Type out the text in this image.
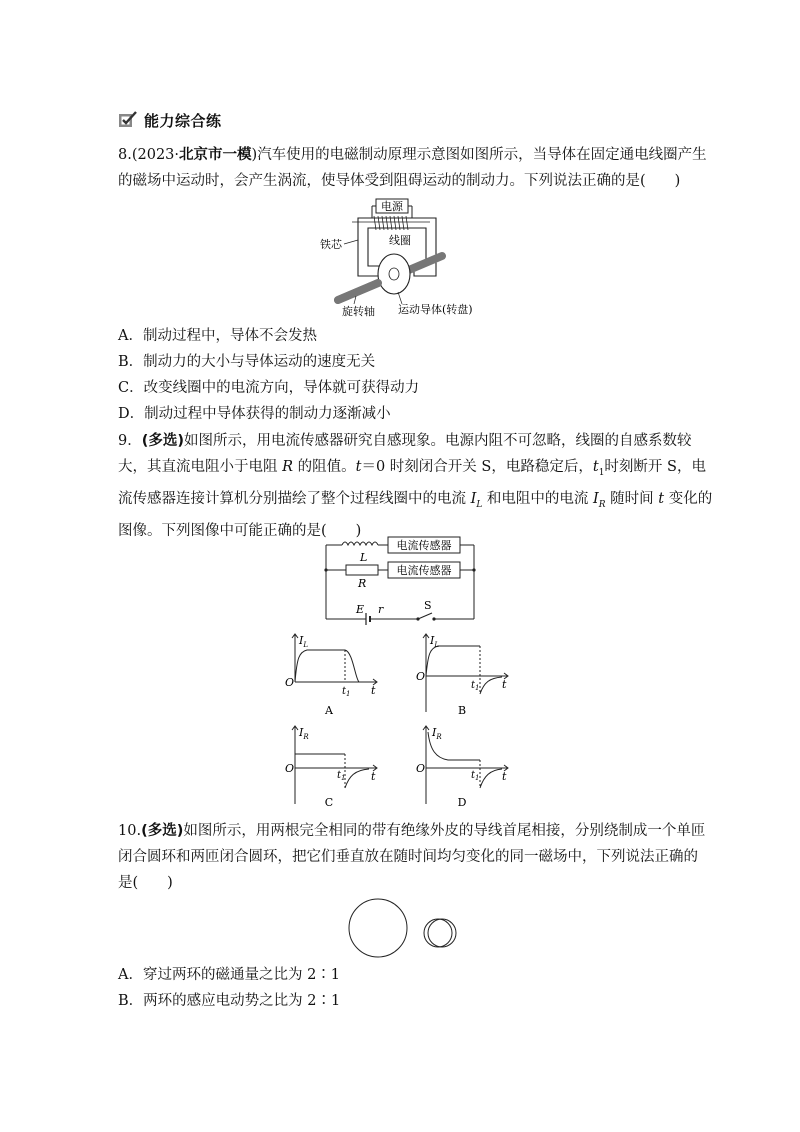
能力综合练
8.(2023·北京市一模)汽车使用的电磁制动原理示意图如图所示，当导体在固定通电线圈产生
的磁场中运动时，会产生涡流，使导体受到阻碍运动的制动力。下列说法正确的是(　　)
电源
线圈
铁芯
旋转轴 运动导体(转盘)
A．制动过程中，导体不会发热
B．制动力的大小与导体运动的速度无关
C．改变线圈中的电流方向，导体就可获得动力
D．制动过程中导体获得的制动力逐渐减小
9．(多选)如图所示，用电流传感器研究自感现象。电源内阻不可忽略，线圈的自感系数较
大，其直流电阻小于电阻 R 的阻值。t＝0 时刻闭合开关 S，电路稳定后，$t_1$时刻断开 S，电
流传感器连接计算机分别描绘了整个过程线圈中的电流 $I_L$ 和电阻中的电流 $I_R$ 随时间 t 变化的
图像。下列图像中可能正确的是(　　)
电流传感器
电流传感器
L
R
E r	S
O
$I_L$
$t_1$ t
A
O
$I_L$
$t_1$ t
B
O
$I_R$
$t_1$ t
C
O
$I_R$
$t_1$ t
D
10.(多选)如图所示，用两根完全相同的带有绝缘外皮的导线首尾相接，分别绕制成一个单匝
闭合圆环和两匝闭合圆环，把它们垂直放在随时间均匀变化的同一磁场中，下列说法正确的
是(　　)
A．穿过两环的磁通量之比为 2∶1
B．两环的感应电动势之比为 2∶1
